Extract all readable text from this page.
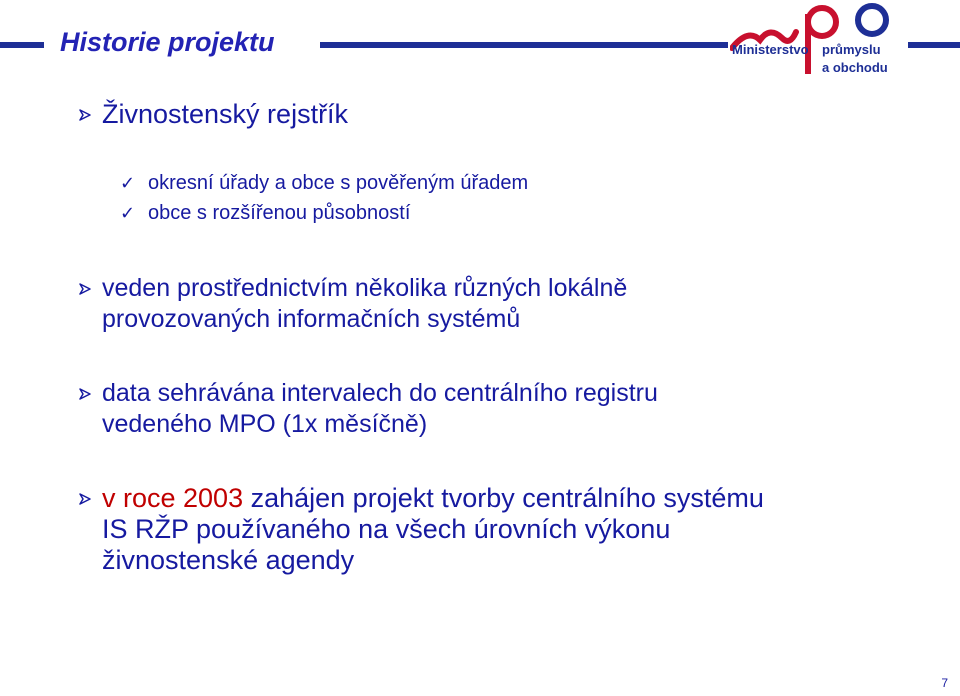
Historie projektu	Ministerstvo průmyslu
a obchodu
Živnostenský rejstřík
✓ okresní úřady a obce s pověřeným úřadem
✓ obce s rozšířenou působností
veden prostřednictvím několika různých lokálně
provozovaných informačních systémů
data sehrávána intervalech do centrálního registru
vedeného MPO (1x měsíčně)
v roce 2003 zahájen projekt tvorby centrálního systému
IS RŽP používaného na všech úrovních výkonu
živnostenské agendy
7
